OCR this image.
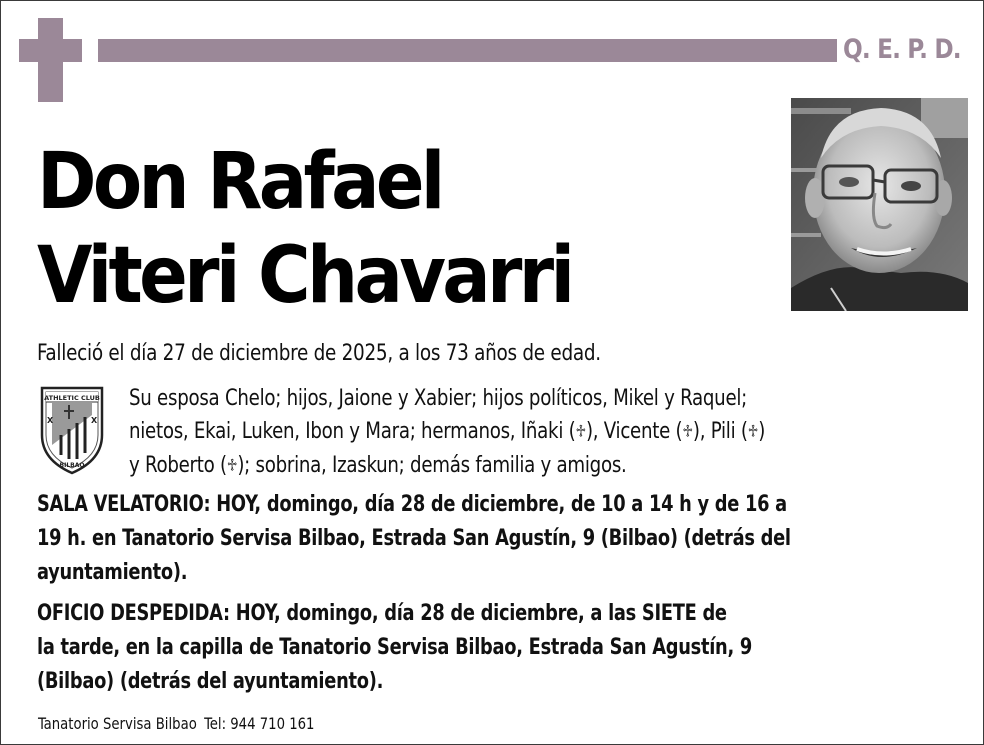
Q. E. P. D.
Don Rafael
Viteri Chavarri
Falleció el día 27 de diciembre de 2025, a los 73 años de edad.
ATHLETIC CLUB
X	X
BILBAO
Su esposa Chelo; hijos, Jaione y Xabier; hijos políticos, Mikel y Raquel;
nietos, Ekai, Luken, Ibon y Mara; hermanos, Iñaki (♱), Vicente (♱), Pili (♱)
y Roberto (♱); sobrina, Izaskun; demás familia y amigos.
SALA VELATORIO: HOY, domingo, día 28 de diciembre, de 10 a 14 h y de 16 a
19 h. en Tanatorio Servisa Bilbao, Estrada San Agustín, 9 (Bilbao) (detrás del
ayuntamiento).
OFICIO DESPEDIDA: HOY, domingo, día 28 de diciembre, a las SIETE de
la tarde, en la capilla de Tanatorio Servisa Bilbao, Estrada San Agustín, 9
(Bilbao) (detrás del ayuntamiento).
Tanatorio Servisa Bilbao Tel: 944 710 161
